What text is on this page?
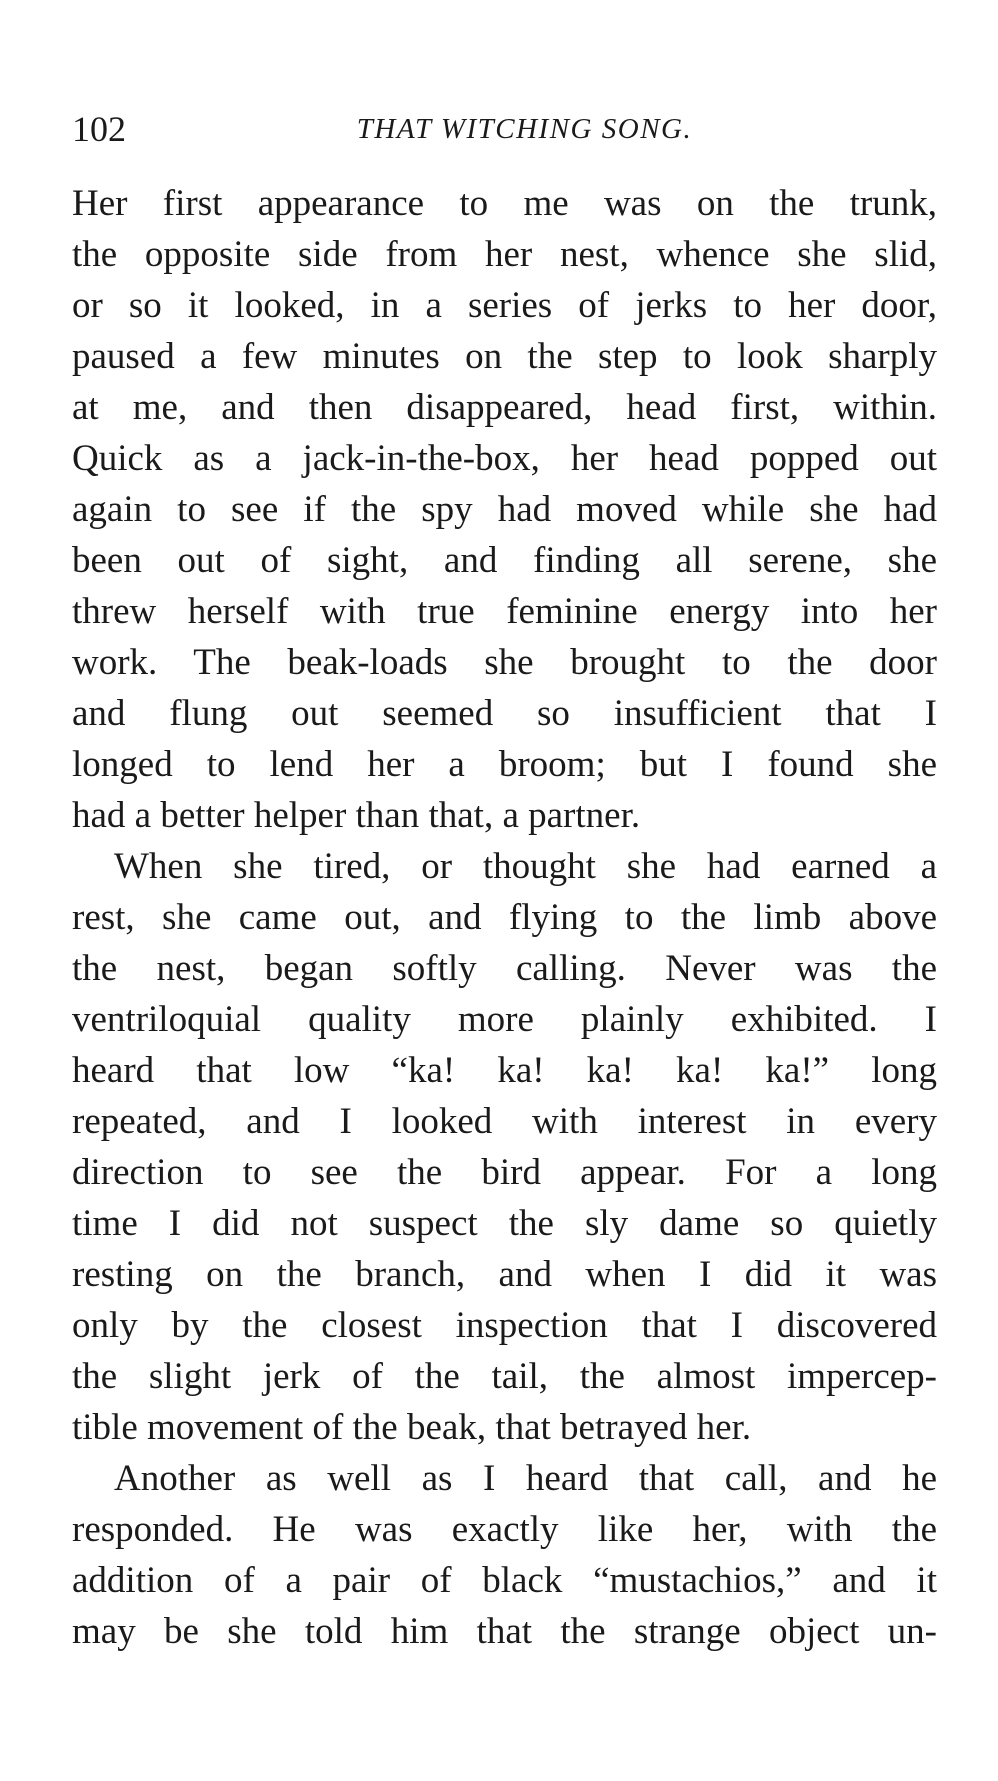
102	THAT WITCHING SONG.
Her first appearance to me was on the trunk,
the opposite side from her nest, whence she slid,
or so it looked, in a series of jerks to her door,
paused a few minutes on the step to look sharply
at me, and then disappeared, head first, within.
Quick as a jack-in-the-box, her head popped out
again to see if the spy had moved while she had
been out of sight, and finding all serene, she
threw herself with true feminine energy into her
work. The beak-loads she brought to the door
and flung out seemed so insufficient that I
longed to lend her a broom; but I found she
had a better helper than that, a partner.
When she tired, or thought she had earned a
rest, she came out, and flying to the limb above
the nest, began softly calling. Never was the
ventriloquial quality more plainly exhibited. I
heard that low “ka! ka! ka! ka! ka!” long
repeated, and I looked with interest in every
direction to see the bird appear. For a long
time I did not suspect the sly dame so quietly
resting on the branch, and when I did it was
only by the closest inspection that I discovered
the slight jerk of the tail, the almost impercep-
tible movement of the beak, that betrayed her.
Another as well as I heard that call, and he
responded. He was exactly like her, with the
addition of a pair of black “mustachios,” and it
may be she told him that the strange object un-
